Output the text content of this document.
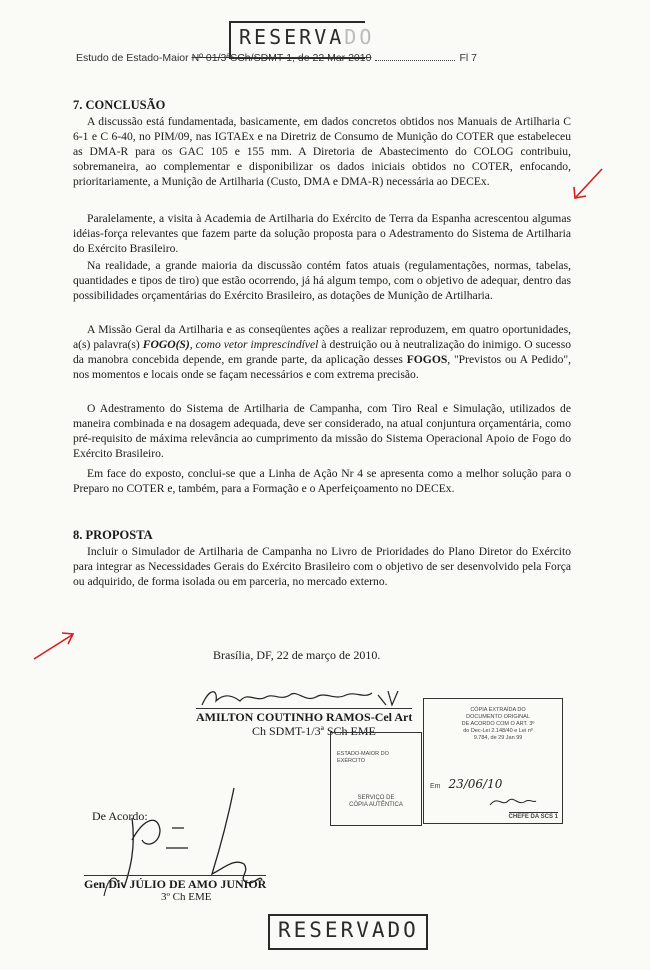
RESERVADO
Estudo de Estado-Maior Nº 01/3ªSCh/SDMT-1, de 22 Mar 2010	Fl 7
7. CONCLUSÃO
A discussão está fundamentada, basicamente, em dados concretos obtidos nos Manuais de Artilharia C 6-1 e C 6-40, no PIM/09, nas IGTAEx e na Diretriz de Consumo de Munição do COTER que estabeleceu as DMA-R para os GAC 105 e 155 mm. A Diretoria de Abastecimento do COLOG contribuiu, sobremaneira, ao complementar e disponibilizar os dados iniciais obtidos no COTER, enfocando, prioritariamente, a Munição de Artilharia (Custo, DMA e DMA-R) necessária ao DECEx.
Paralelamente, a visita à Academia de Artilharia do Exército de Terra da Espanha acrescentou algumas idéias-força relevantes que fazem parte da solução proposta para o Adestramento do Sistema de Artilharia do Exército Brasileiro.
Na realidade, a grande maioria da discussão contém fatos atuais (regulamentações, normas, tabelas, quantidades e tipos de tiro) que estão ocorrendo, já há algum tempo, com o objetivo de adequar, dentro das possibilidades orçamentárias do Exército Brasileiro, as dotações de Munição de Artilharia.
A Missão Geral da Artilharia e as conseqüentes ações a realizar reproduzem, em quatro oportunidades, a(s) palavra(s) FOGO(S), como vetor imprescindível à destruição ou à neutralização do inimigo. O sucesso da manobra concebida depende, em grande parte, da aplicação desses FOGOS, "Previstos ou A Pedido", nos momentos e locais onde se façam necessários e com extrema precisão.
O Adestramento do Sistema de Artilharia de Campanha, com Tiro Real e Simulação, utilizados de maneira combinada e na dosagem adequada, deve ser considerado, na atual conjuntura orçamentária, como pré-requisito de máxima relevância ao cumprimento da missão do Sistema Operacional Apoio de Fogo do Exército Brasileiro.
Em face do exposto, conclui-se que a Linha de Ação Nr 4 se apresenta como a melhor solução para o Preparo no COTER e, também, para a Formação e o Aperfeiçoamento no DECEx.
8. PROPOSTA
Incluir o Simulador de Artilharia de Campanha no Livro de Prioridades do Plano Diretor do Exército para integrar as Necessidades Gerais do Exército Brasileiro com o objetivo de ser desenvolvido pela Força ou adquirido, de forma isolada ou em parceria, no mercado externo.
Brasília, DF, 22 de março de 2010.
AMILTON COUTINHO RAMOS-Cel Art
Ch SDMT-1/3ª SCh EME
ESTADO-MAIOR DO EXÉRCITO
SERVIÇO DE
CÓPIA AUTÊNTICA
CÓPIA EXTRAÍDA DO
DOCUMENTO ORIGINAL
DE ACORDO COM O ART. 3º
do Dec-Lei 2.148/40 e Lei nº
9.784, de 29 Jan 99
Em 23/06/10
CHEFE DA SCS 1
De Acordo:
Gen Div JÚLIO DE AMO JUNIOR
3º Ch EME
RESERVADO
